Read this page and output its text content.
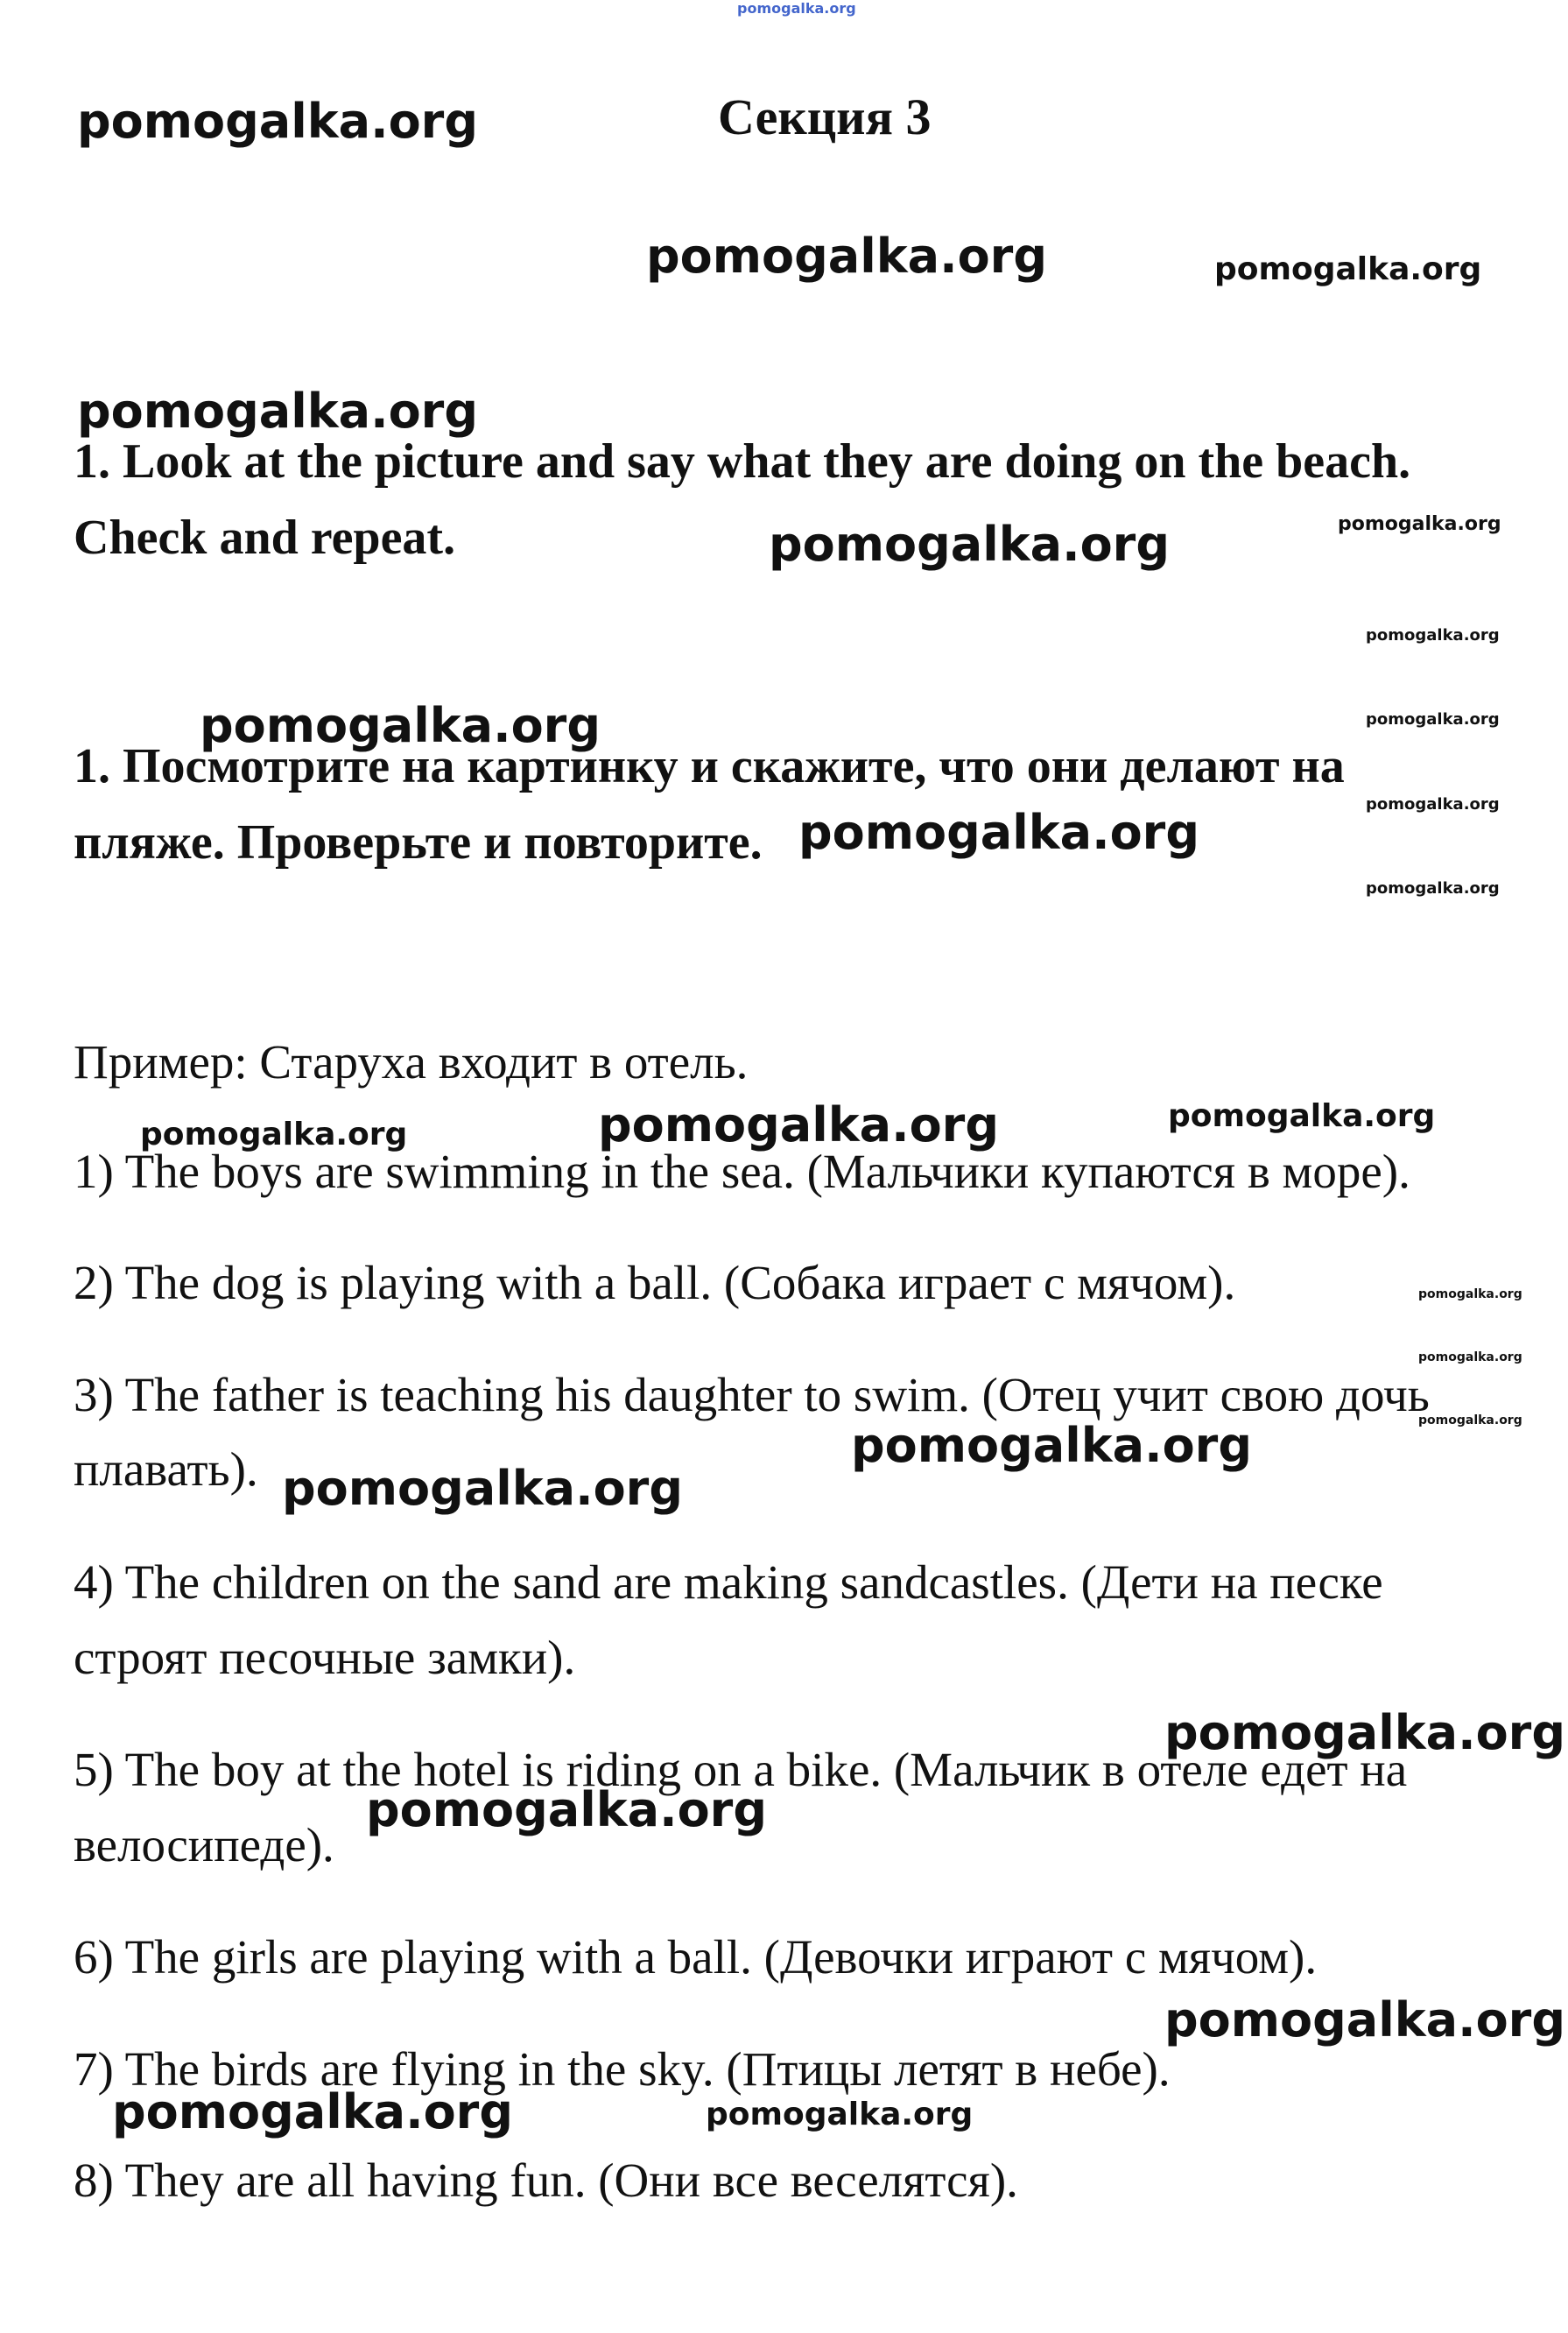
pomogalka.org
pomogalka.org	Секция 3
pomogalka.org	pomogalka.org
pomogalka.org
1. Look at the picture and say what they are doing on the beach.
Check and repeat.	pomogalka.org	pomogalka.org
pomogalka.org
pomogalka.org
pomogalka.org
pomogalka.org
pomogalka.org
1. Посмотрите на картинку и скажите, что они делают на
пляже. Проверьте и повторите. pomogalka.org
Пример: Старуха входит в отель.
pomogalka.org	pomogalka.org	pomogalka.org
1) The boys are swimming in the sea. (Мальчики купаются в море).
2) The dog is playing with a ball. (Собака играет с мячом).	pomogalka.org
pomogalka.org
3) The father is teaching his daughter to swim. (Отец учит свою дочь
pomogalka.org
pomogalka.org
плавать). pomogalka.org
4) The children on the sand are making sandcastles. (Дети на песке
строят песочные замки).
pomogalka.org
5) The boy at the hotel is riding on a bike. (Мальчик в отеле едет на
pomogalka.org
велосипеде).
6) The girls are playing with a ball. (Девочки играют с мячом).
pomogalka.org
7) The birds are flying in the sky. (Птицы летят в небе).
pomogalka.org	pomogalka.org
8) They are all having fun. (Они все веселятся).
